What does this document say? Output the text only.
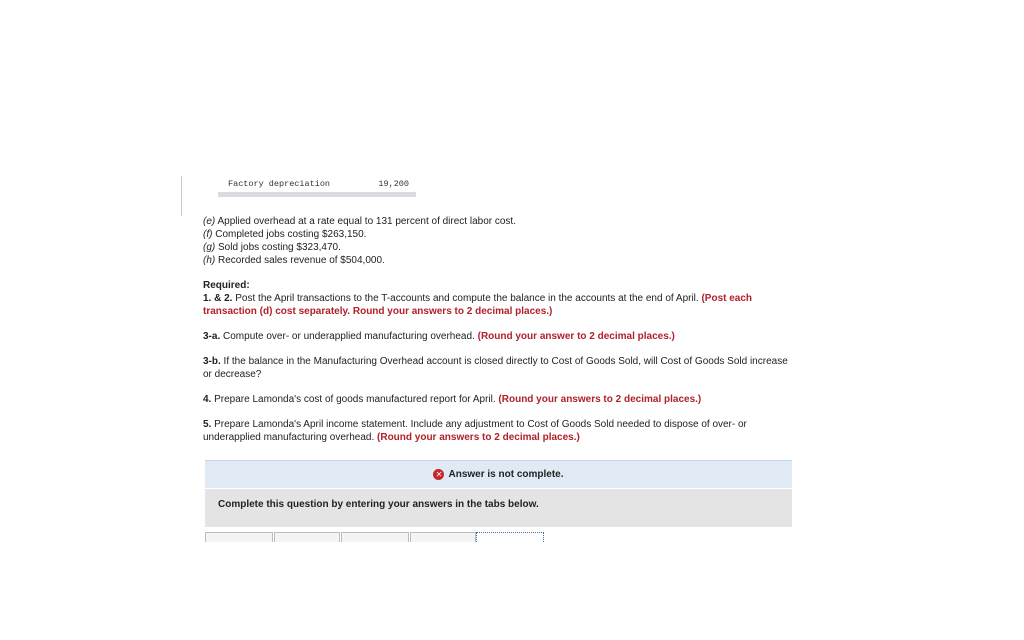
Factory depreciation	19,200
(e) Applied overhead at a rate equal to 131 percent of direct labor cost.
(f) Completed jobs costing $263,150.
(g) Sold jobs costing $323,470.
(h) Recorded sales revenue of $504,000.

Required:

1. & 2. Post the April transactions to the T-accounts and compute the balance in the accounts at the end of April. (Post each transaction (d) cost separately. Round your answers to 2 decimal places.)

3-a. Compute over- or underapplied manufacturing overhead. (Round your answer to 2 decimal places.)

3-b. If the balance in the Manufacturing Overhead account is closed directly to Cost of Goods Sold, will Cost of Goods Sold increase or decrease?

4. Prepare Lamonda's cost of goods manufactured report for April. (Round your answers to 2 decimal places.)

5. Prepare Lamonda's April income statement. Include any adjustment to Cost of Goods Sold needed to dispose of over- or underapplied manufacturing overhead. (Round your answers to 2 decimal places.)

✕ Answer is not complete.
Complete this question by entering your answers in the tabs below.
